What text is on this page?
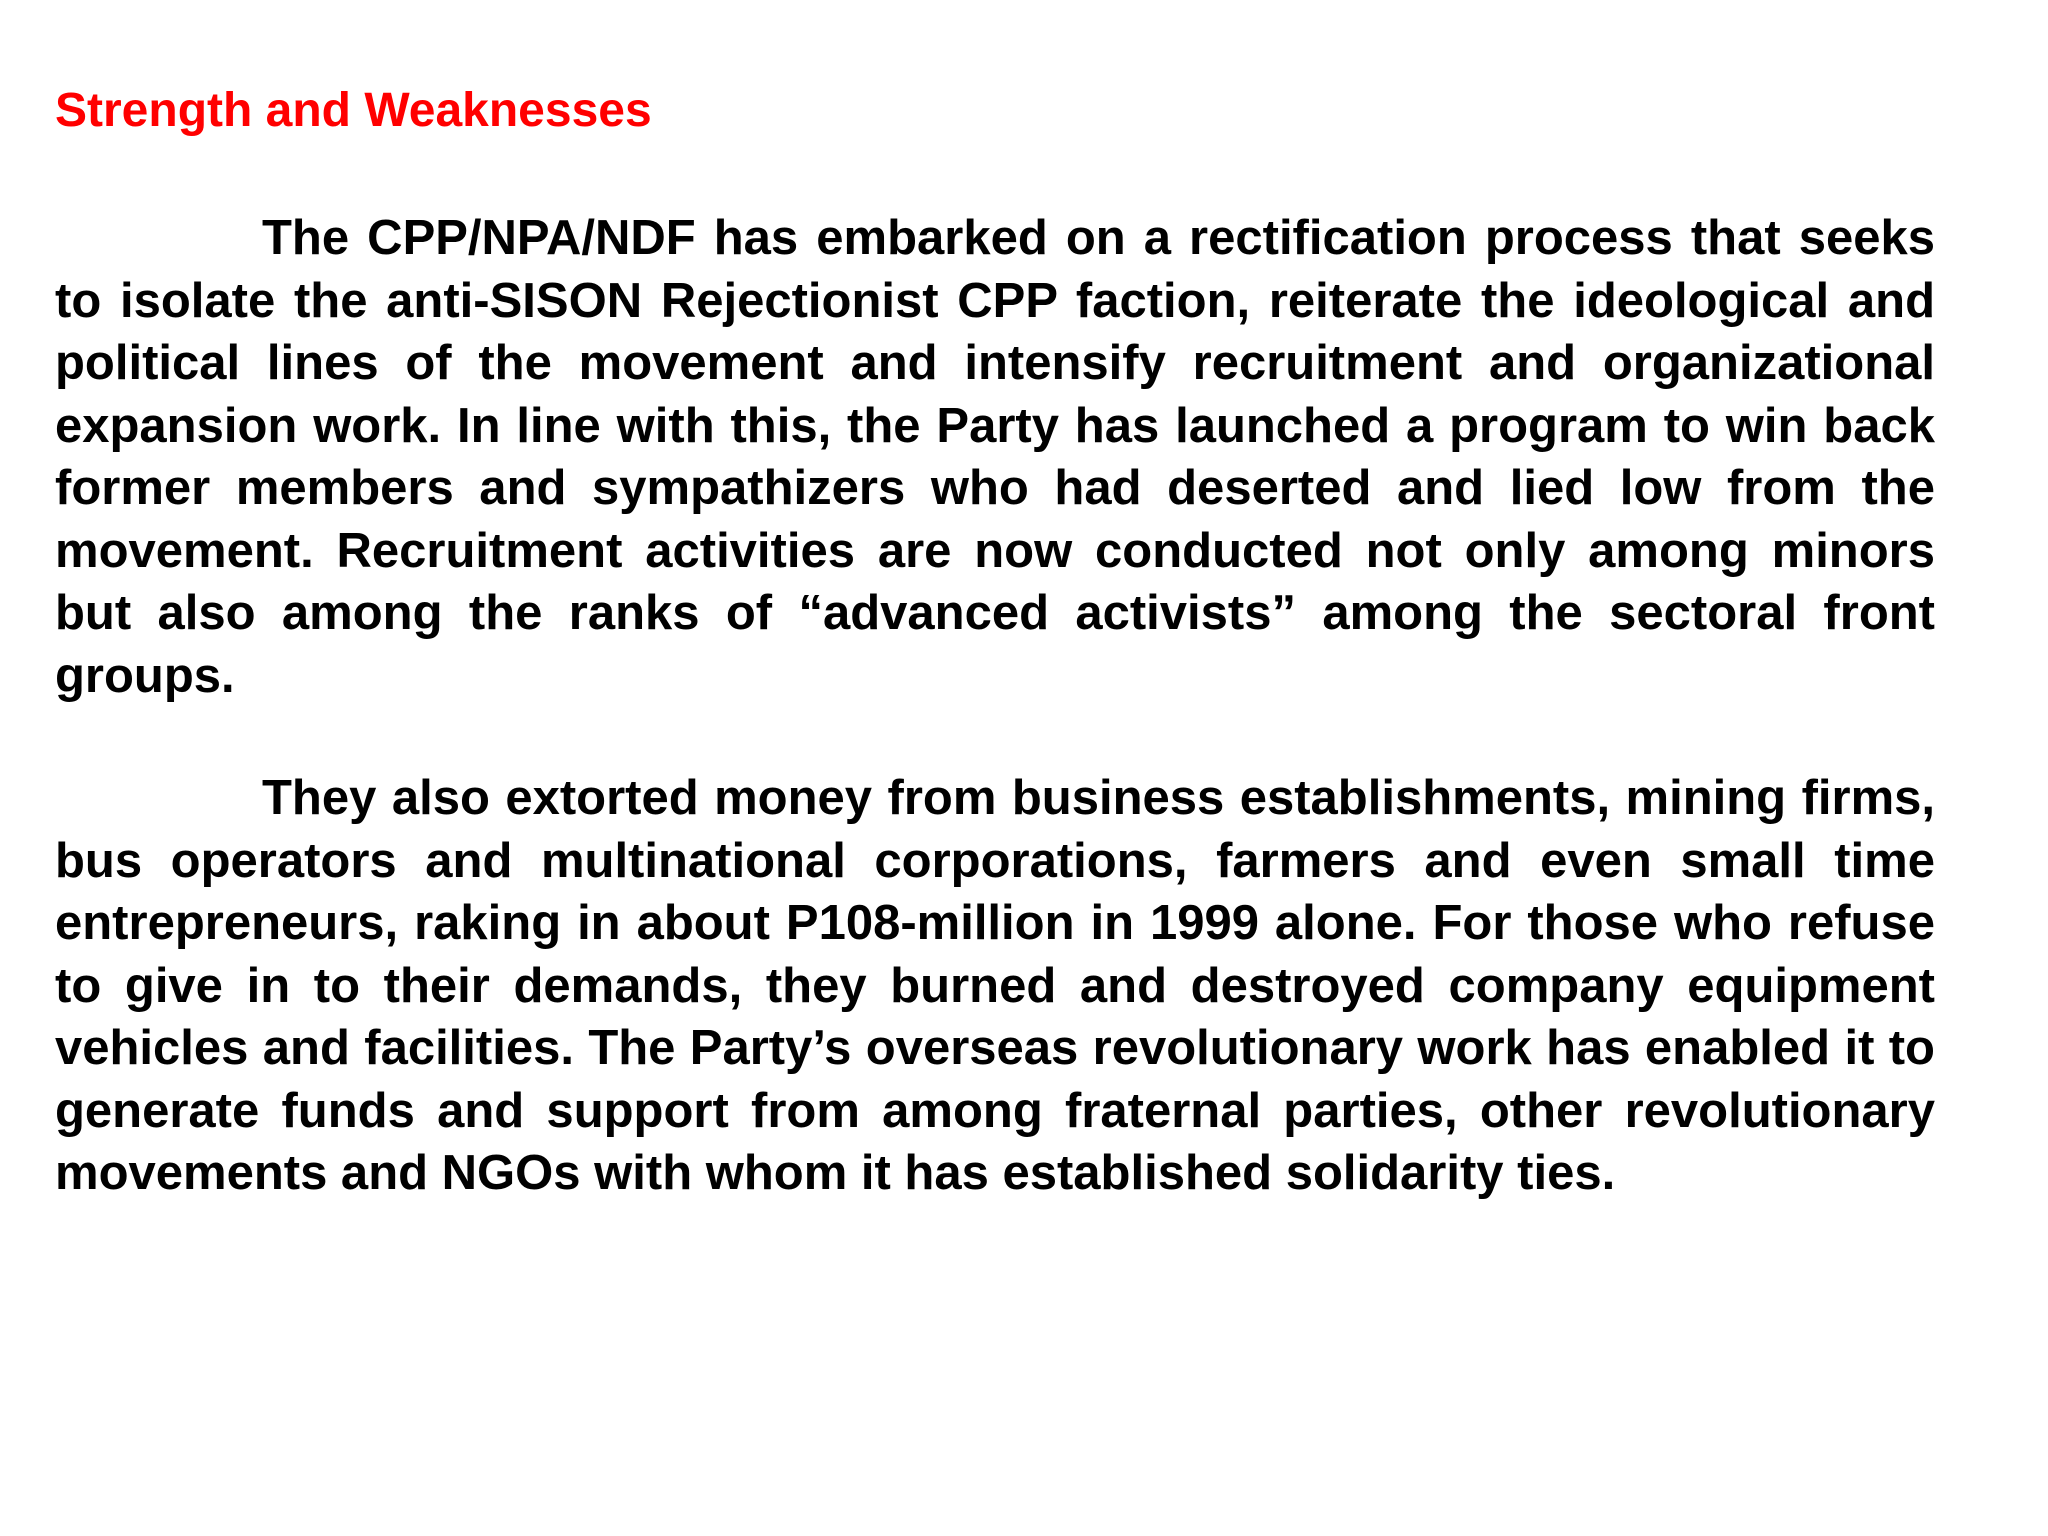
Strength and Weaknesses

The CPP/NPA/NDF has embarked on a rectification process that seeks to isolate the anti-SISON Rejectionist CPP faction, reiterate the ideological and political lines of the movement and intensify recruitment and organizational expansion work. In line with this, the Party has launched a program to win back former members and sympathizers who had deserted and lied low from the movement. Recruitment activities are now conducted not only among minors but also among the ranks of “advanced activists” among the sectoral front groups.

They also extorted money from business establishments, mining firms, bus operators and multinational corporations, farmers and even small time entrepreneurs, raking in about P108-million in 1999 alone. For those who refuse to give in to their demands, they burned and destroyed company equipment vehicles and facilities. The Party’s overseas revolutionary work has enabled it to generate funds and support from among fraternal parties, other revolutionary movements and NGOs with whom it has established solidarity ties.
